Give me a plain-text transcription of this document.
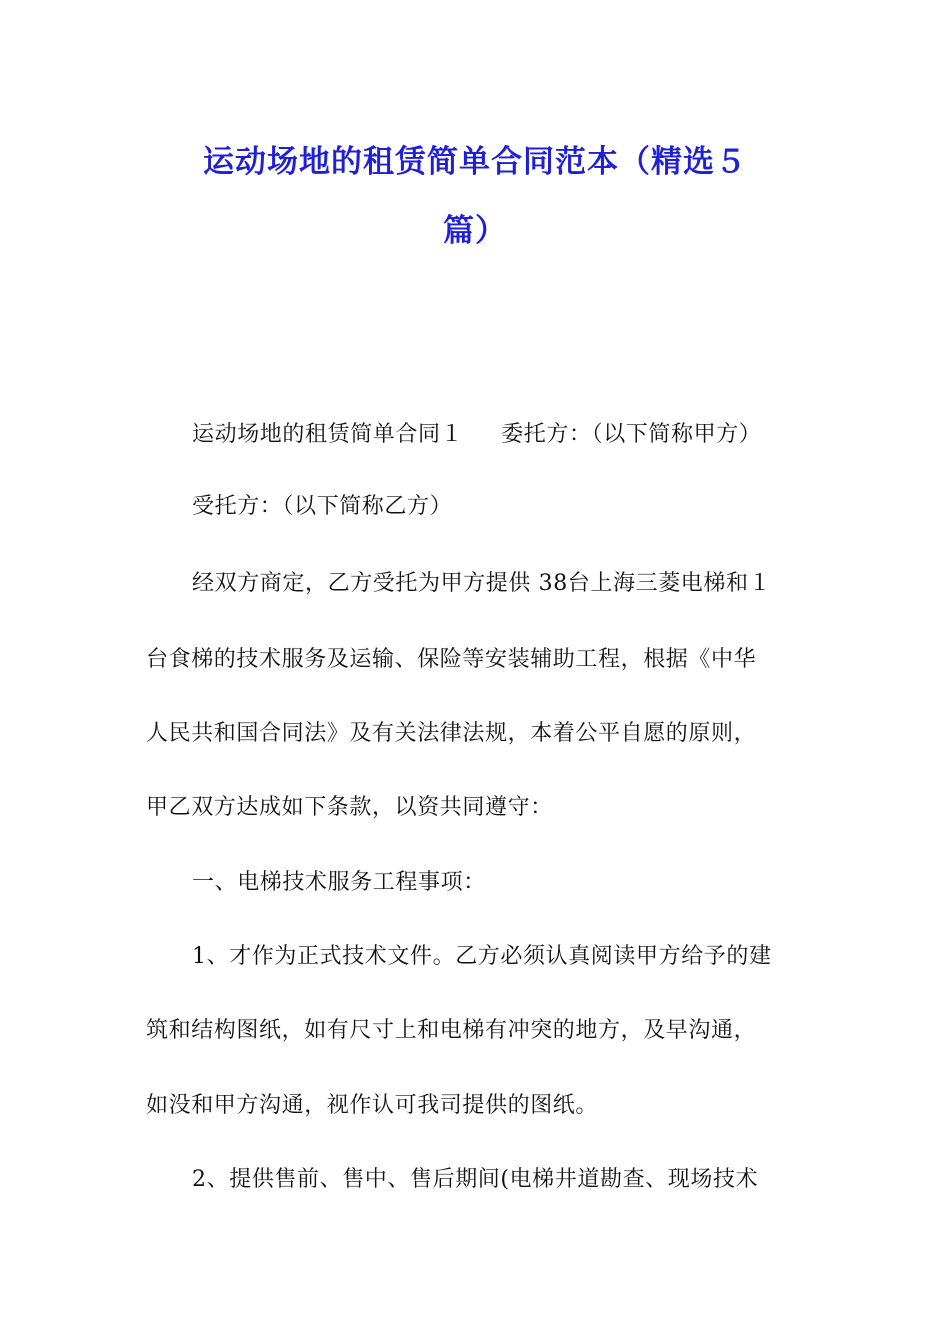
运动场地的租赁简单合同范本（精选５
篇）
运动场地的租赁简单合同１ 委托方：（以下简称甲方）
受托方：（以下简称乙方）
经双方商定，乙方受托为甲方提供 38台上海三菱电梯和１
台食梯的技术服务及运输、保险等安装辅助工程，根据《中华
人民共和国合同法》及有关法律法规，本着公平自愿的原则，
甲乙双方达成如下条款，以资共同遵守：
一、电梯技术服务工程事项：
1、才作为正式技术文件。乙方必须认真阅读甲方给予的建
筑和结构图纸，如有尺寸上和电梯有冲突的地方，及早沟通，
如没和甲方沟通，视作认可我司提供的图纸。
2、提供售前、售中、售后期间(电梯井道勘查、现场技术
